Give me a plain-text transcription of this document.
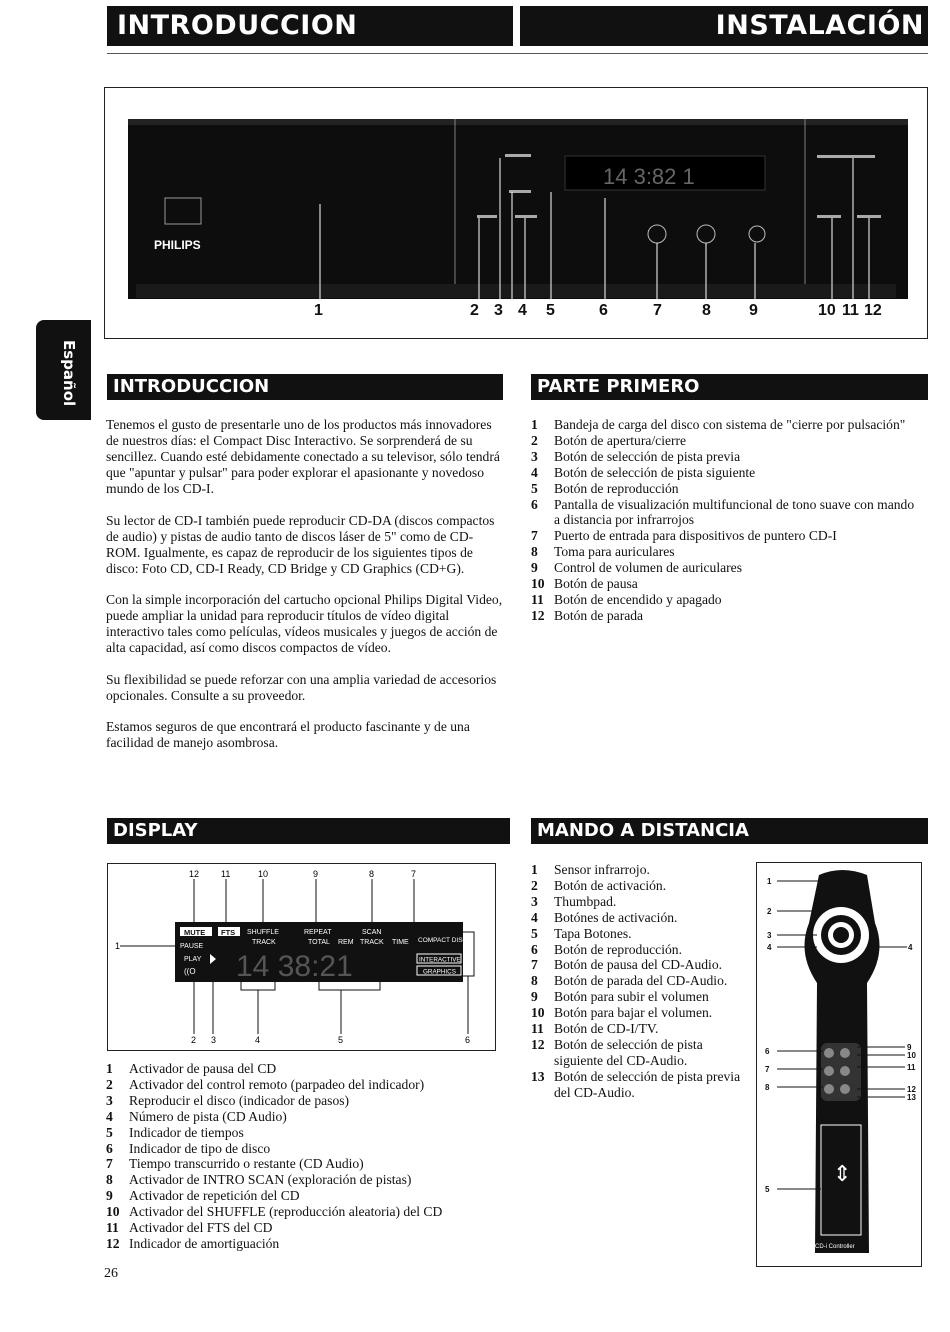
INTRODUCCION	INSTALACIÓN
Español
PHILIPS
14 3:82 1
1	2 3 4 5	6	7	8 9	10 11 12
INTRODUCCION

Tenemos el gusto de presentarle uno de los productos más innovadores de nuestros días: el Compact Disc Interactivo. Se sorprenderá de su sencillez. Cuando esté debidamente conectado a su televisor, sólo tendrá que "apuntar y pulsar" para poder explorar el apasionante y novedoso mundo de los CD-I.

Su lector de CD-I también puede reproducir CD-DA (discos compactos de audio) y pistas de audio tanto de discos láser de 5" como de CD-ROM. Igualmente, es capaz de reproducir de los siguientes tipos de disco: Foto CD, CD-I Ready, CD Bridge y CD Graphics (CD+G).

Con la simple incorporación del cartucho opcional Philips Digital Video, puede ampliar la unidad para reproducir títulos de vídeo digital interactivo tales como películas, vídeos musicales y juegos de acción de alta capacidad, así como discos compactos de vídeo.

Su flexibilidad se puede reforzar con una amplia variedad de accesorios opcionales. Consulte a su proveedor.

Estamos seguros de que encontrará el producto fascinante y de una facilidad de manejo asombrosa.

PARTE PRIMERO
1 Bandeja de carga del disco con sistema de "cierre por pulsación"
2 Botón de apertura/cierre
3 Botón de selección de pista previa
4 Botón de selección de pista siguiente
5 Botón de reproducción
6 Pantalla de visualización multifuncional de tono suave con mando a distancia por infrarrojos
7 Puerto de entrada para dispositivos de puntero CD-I
8 Toma para auriculares
9 Control de volumen de auriculares
10 Botón de pausa
11 Botón de encendido y apagado
12 Botón de parada
DISPLAY
MUTE FTS SHUFFLE	REPEAT	SCAN
PAUSE
PLAY
((O
TRACK	TOTAL REM TRACK TIME
14 38:21
COMPACT DISC
INTERACTIVE
GRAPHICS
12 11	10	9	8	7
1
2 3	4	5	6
1 Activador de pausa del CD
2 Activador del control remoto (parpadeo del indicador)
3 Reproducir el disco (indicador de pasos)
4 Número de pista (CD Audio)
5 Indicador de tiempos
6 Indicador de tipo de disco
7 Tiempo transcurrido o restante (CD Audio)
8 Activador de INTRO SCAN (exploración de pistas)
9 Activador de repetición del CD
10 Activador del SHUFFLE (reproducción aleatoria) del CD
11 Activador del FTS del CD
12 Indicador de amortiguación
MANDO A DISTANCIA
1 Sensor infrarrojo.
2 Botón de activación.
3 Thumbpad.
4 Botónes de activación.
5 Tapa Botones.
6 Botón de reproducción.
7 Botón de pausa del CD-Audio.
8 Botón de parada del CD-Audio.
9 Botón para subir el volumen
10 Botón para bajar el volumen.
11 Botón de CD-I/TV.
12 Botón de selección de pista siguiente del CD-Audio.
13 Botón de selección de pista previa del CD-Audio.
⇕
CD-i Controller
1
2
3
4	4
6
7
8
5
9
10
11
12
13
26
